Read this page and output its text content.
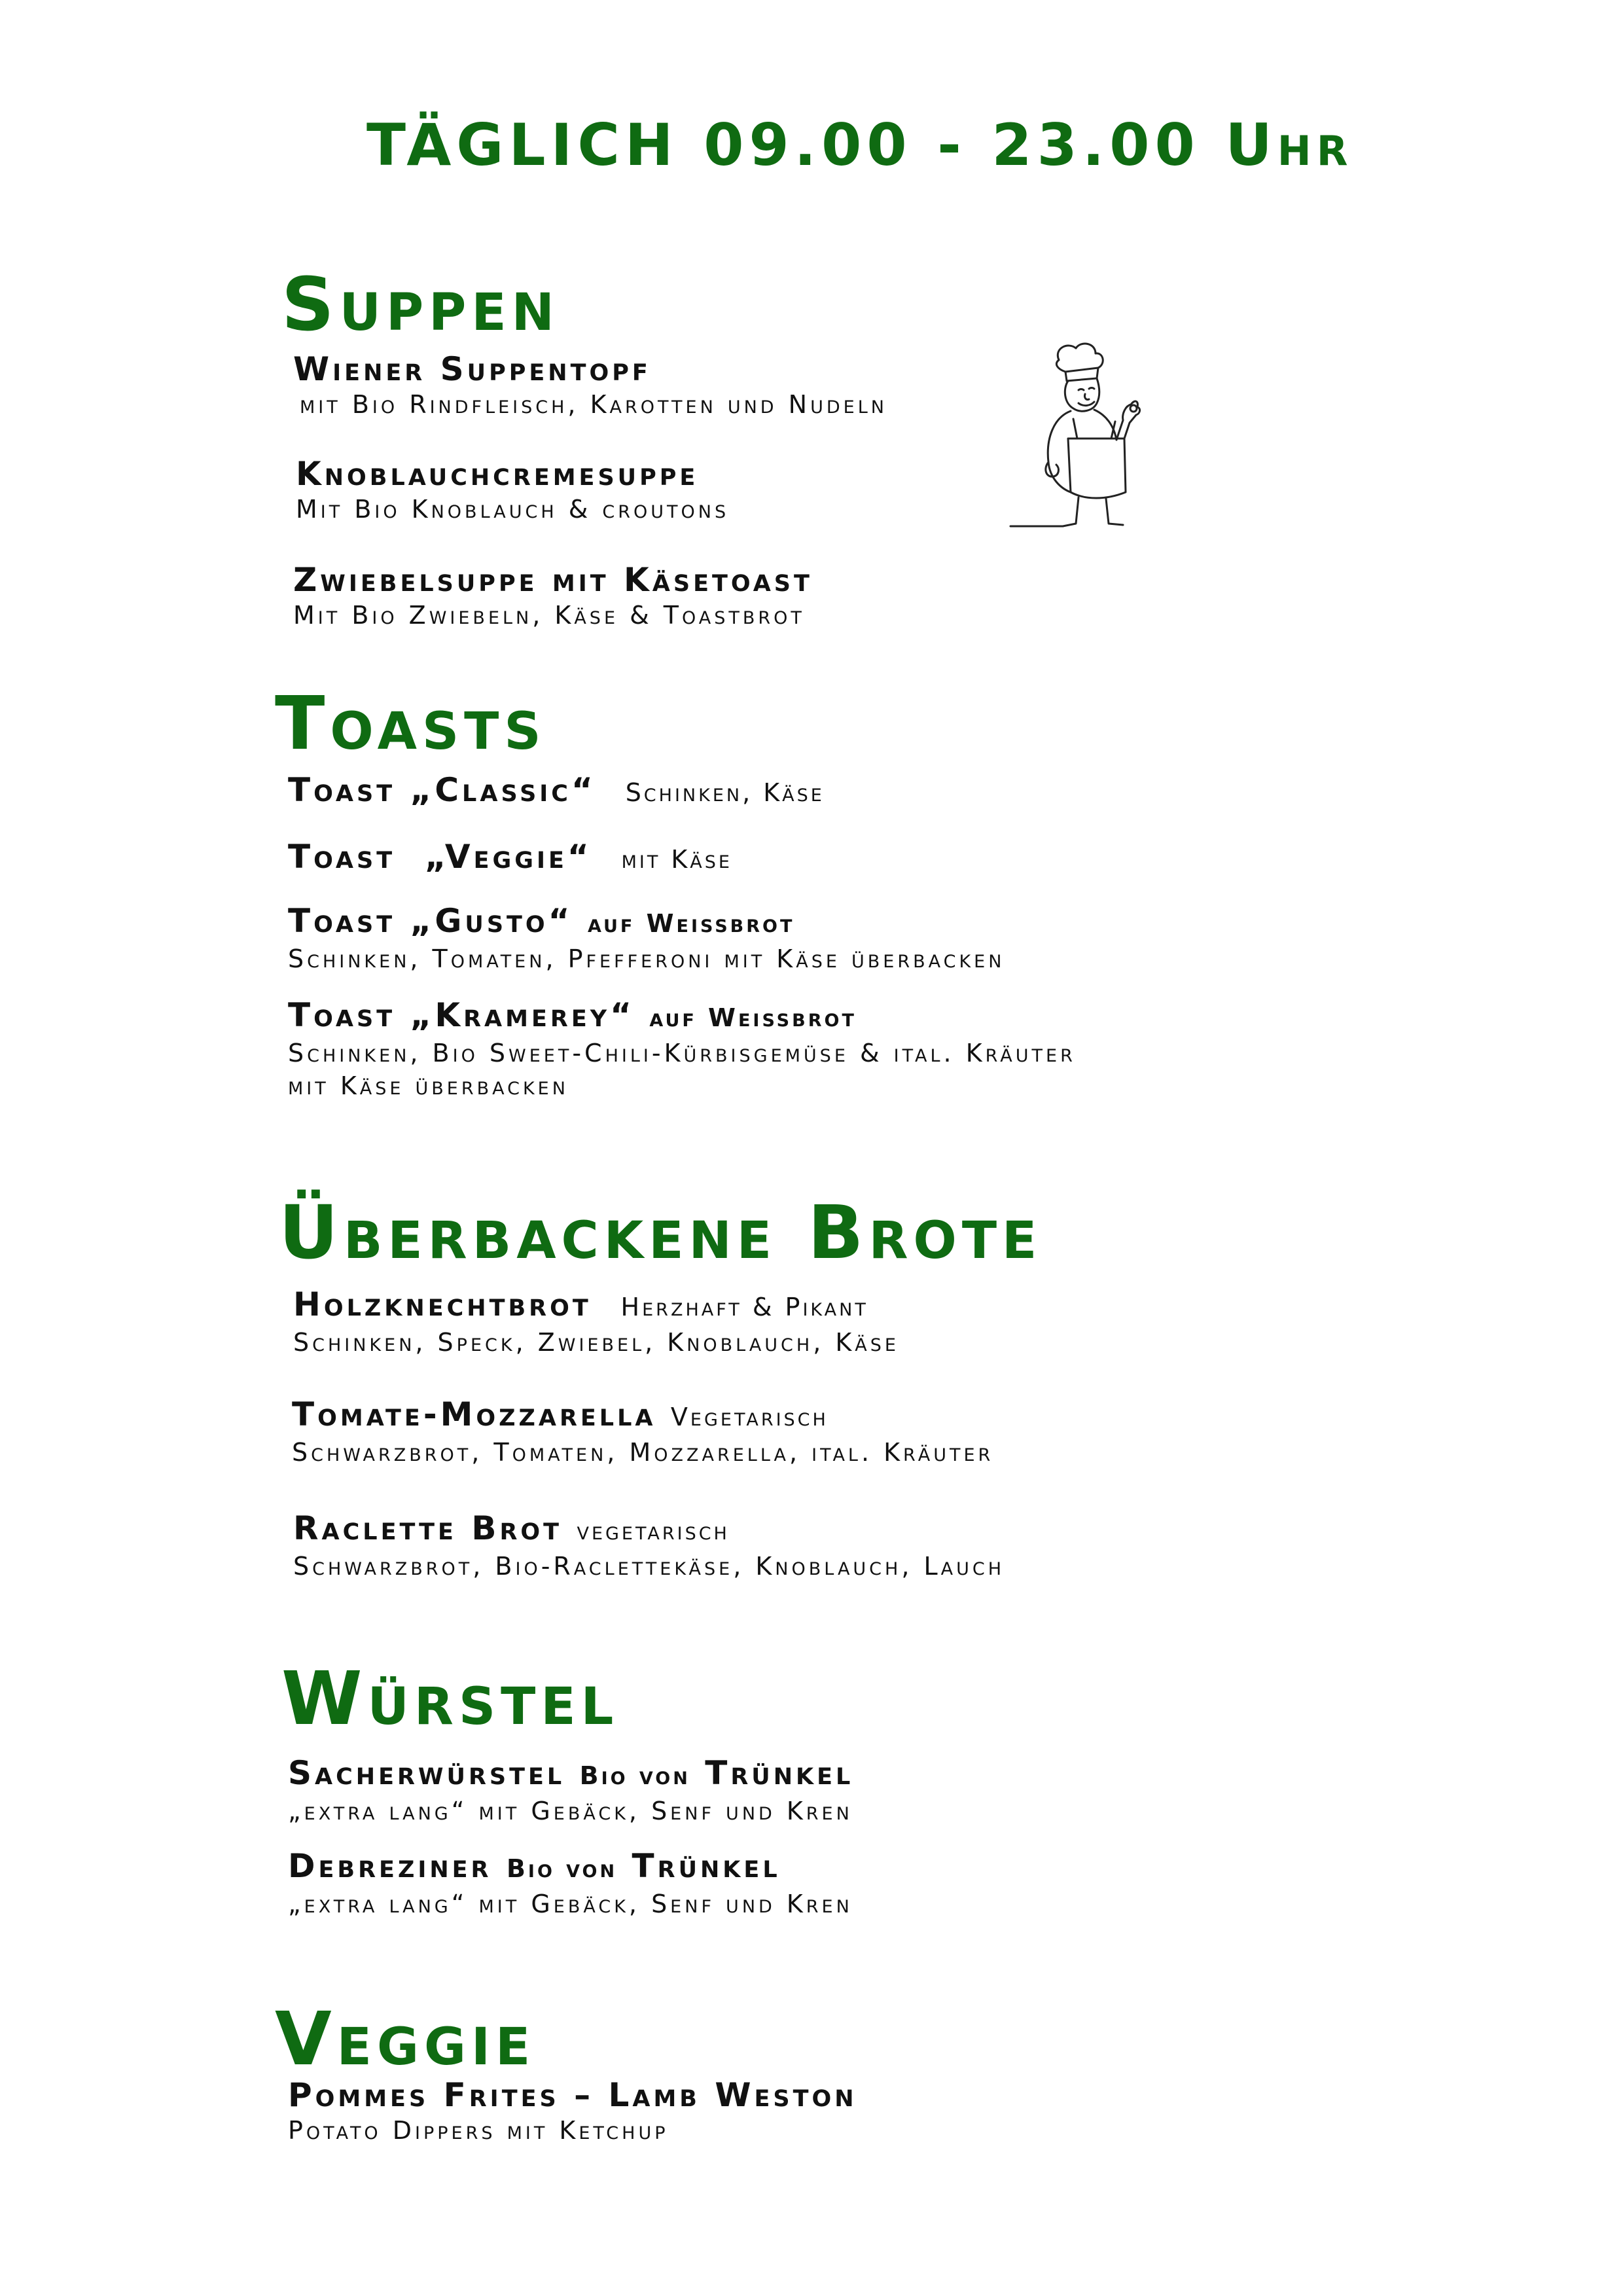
TÄGLICH 09.00 - 23.00 Uhr
Suppen
Wiener Suppentopf
mit Bio Rindfleisch, Karotten und Nudeln
Knoblauchcremesuppe
Mit Bio Knoblauch & croutons
Zwiebelsuppe mit Käsetoast
Mit Bio Zwiebeln, Käse & Toastbrot
Toasts
Toast „Classic“ Schinken, Käse
Toast  „Veggie“ mit Käse
Toast „Gusto“ auf Weissbrot
Schinken, Tomaten, Pfefferoni mit Käse überbacken
Toast „Kramerey“ auf Weissbrot
Schinken, Bio Sweet-Chili-Kürbisgemüse & ital. Kräuter
mit Käse überbacken
Überbackene Brote
Holzknechtbrot Herzhaft & Pikant
Schinken, Speck, Zwiebel, Knoblauch, Käse
Tomate-Mozzarella Vegetarisch
Schwarzbrot, Tomaten, Mozzarella, ital. Kräuter
Raclette Brot vegetarisch
Schwarzbrot, Bio-Raclettekäse, Knoblauch, Lauch
Würstel
Sacherwürstel Bio von Trünkel
„extra lang“ mit Gebäck, Senf und Kren
Debreziner Bio von Trünkel
„extra lang“ mit Gebäck, Senf und Kren
Veggie
Pommes Frites – Lamb Weston
Potato Dippers mit Ketchup
